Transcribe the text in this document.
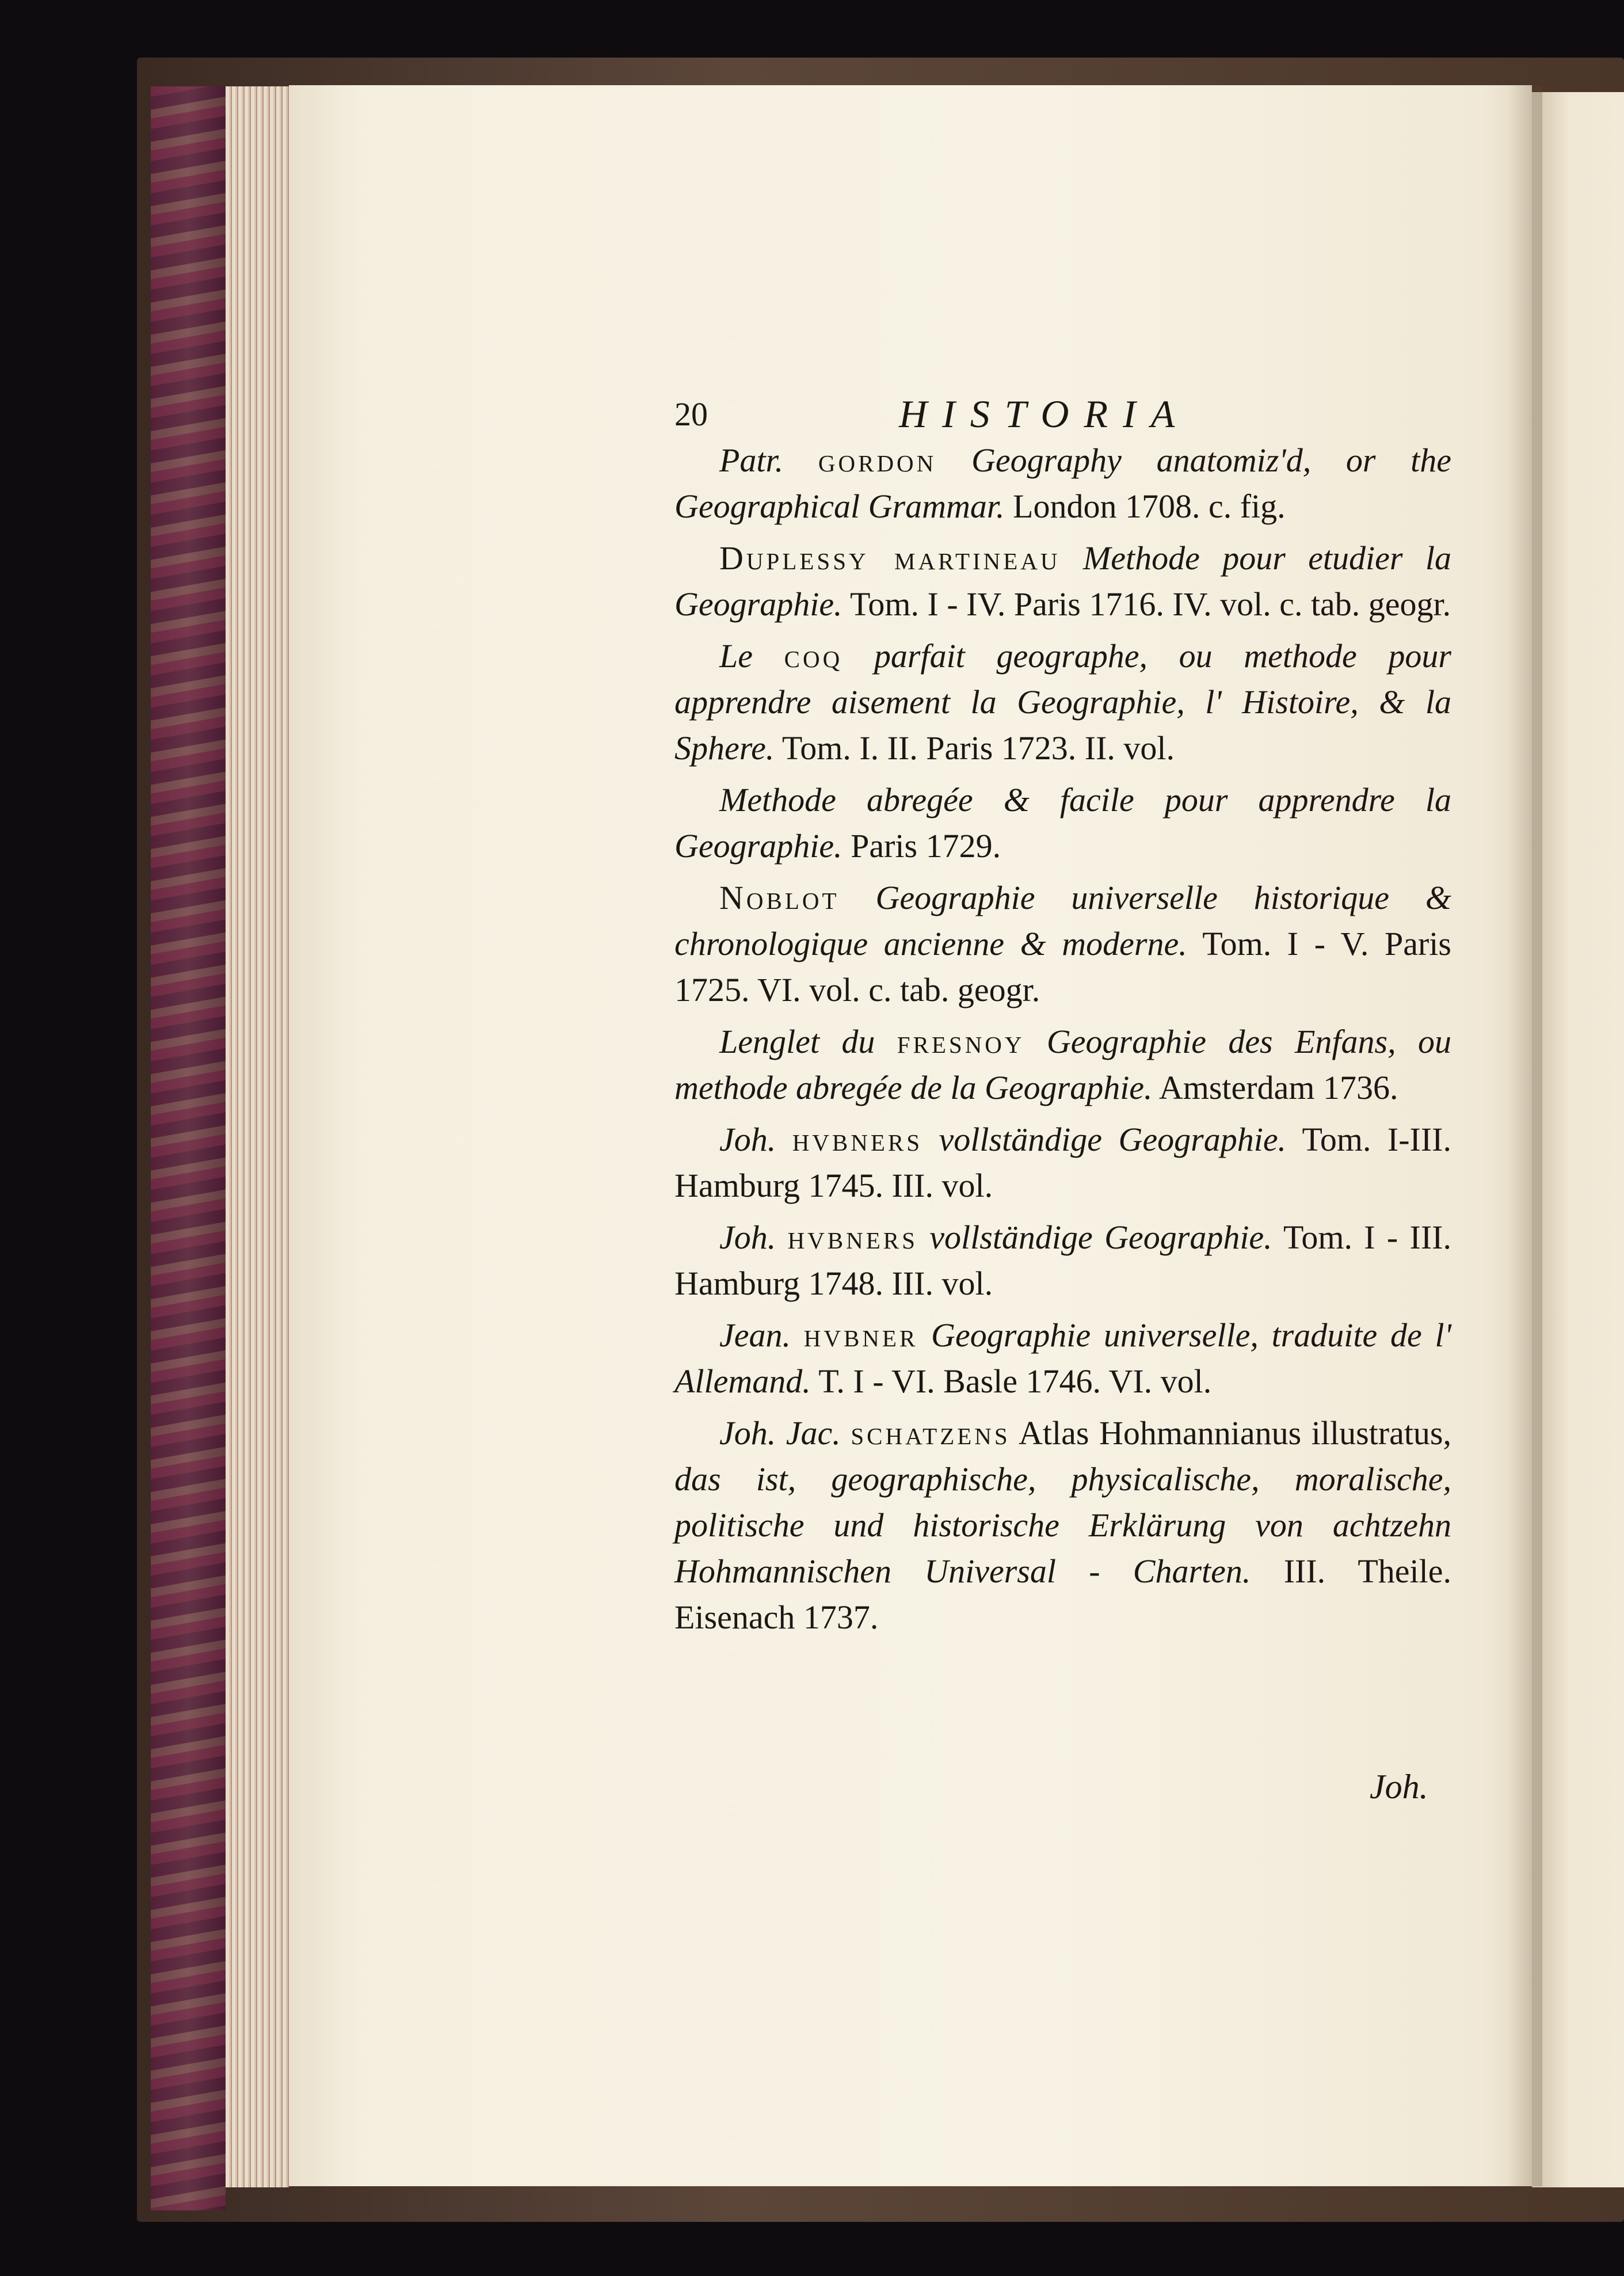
20	HISTORIA

Patr. gordon Geography anatomiz'd, or the Geographical Grammar. London 1708. c. fig.

Duplessy martineau Methode pour etudier la Geographie. Tom. I - IV. Paris 1716. IV. vol. c. tab. geogr.

Le coq parfait geographe, ou methode pour apprendre aisement la Geographie, l' Histoire, & la Sphere. Tom. I. II. Paris 1723. II. vol.

Methode abregée & facile pour apprendre la Geographie. Paris 1729.

Noblot Geographie universelle historique & chronologique ancienne & moderne. Tom. I - V. Paris 1725. VI. vol. c. tab. geogr.

Lenglet du fresnoy Geographie des Enfans, ou methode abregée de la Geographie. Amsterdam 1736.

Joh. hvbners vollständige Geographie. Tom. I-III. Hamburg 1745. III. vol.

Joh. hvbners vollständige Geographie. Tom. I - III. Hamburg 1748. III. vol.

Jean. hvbner Geographie universelle, traduite de l' Allemand. T. I - VI. Basle 1746. VI. vol.

Joh. Jac. schatzens Atlas Hohmannianus illustratus, das ist, geographische, physicalische, moralische, politische und historische Erklärung von achtzehn Hohmannischen Universal - Charten. III. Theile. Eisenach 1737.

Joh.
